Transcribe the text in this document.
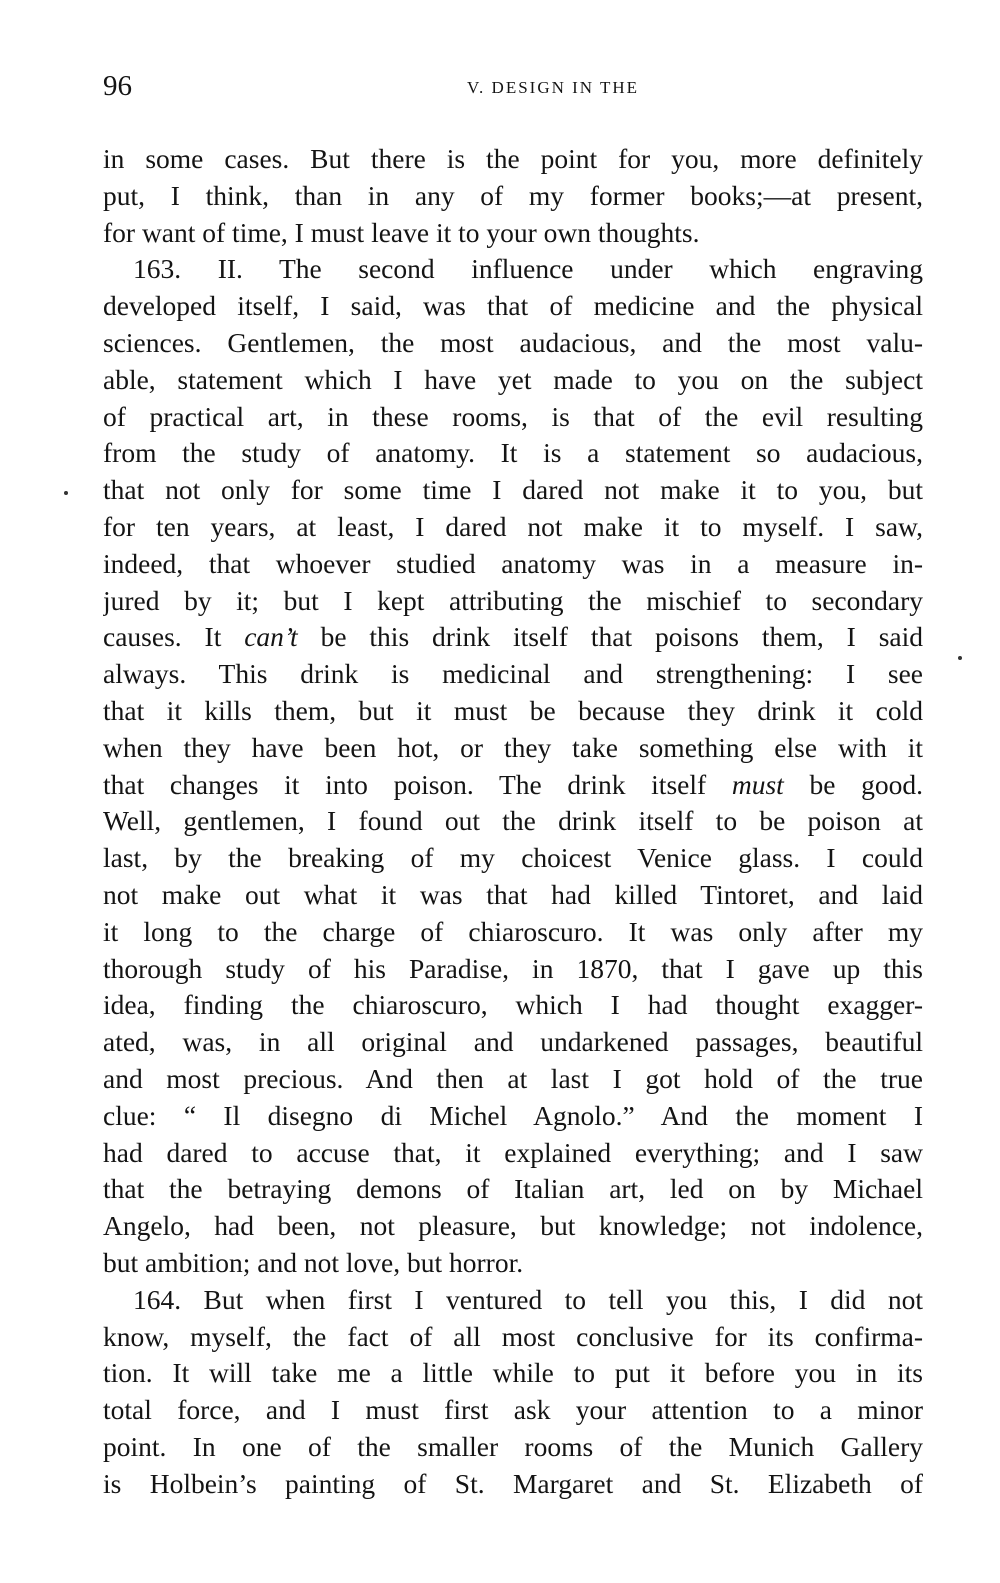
96	V. DESIGN IN THE
in some cases. But there is the point for you, more definitely
put, I think, than in any of my former books;—at present,
for want of time, I must leave it to your own thoughts.
163. II. The second influence under which engraving
developed itself, I said, was that of medicine and the physical
sciences. Gentlemen, the most audacious, and the most valu-
able, statement which I have yet made to you on the subject
of practical art, in these rooms, is that of the evil resulting
from the study of anatomy. It is a statement so audacious,
that not only for some time I dared not make it to you, but
for ten years, at least, I dared not make it to myself. I saw,
indeed, that whoever studied anatomy was in a measure in-
jured by it; but I kept attributing the mischief to secondary
causes. It can’t be this drink itself that poisons them, I said
always. This drink is medicinal and strengthening: I see
that it kills them, but it must be because they drink it cold
when they have been hot, or they take something else with it
that changes it into poison. The drink itself must be good.
Well, gentlemen, I found out the drink itself to be poison at
last, by the breaking of my choicest Venice glass. I could
not make out what it was that had killed Tintoret, and laid
it long to the charge of chiaroscuro. It was only after my
thorough study of his Paradise, in 1870, that I gave up this
idea, finding the chiaroscuro, which I had thought exagger-
ated, was, in all original and undarkened passages, beautiful
and most precious. And then at last I got hold of the true
clue: “ Il disegno di Michel Agnolo.” And the moment I
had dared to accuse that, it explained everything; and I saw
that the betraying demons of Italian art, led on by Michael
Angelo, had been, not pleasure, but knowledge; not indolence,
but ambition; and not love, but horror.
164. But when first I ventured to tell you this, I did not
know, myself, the fact of all most conclusive for its confirma-
tion. It will take me a little while to put it before you in its
total force, and I must first ask your attention to a minor
point. In one of the smaller rooms of the Munich Gallery
is Holbein’s painting of St. Margaret and St. Elizabeth of
